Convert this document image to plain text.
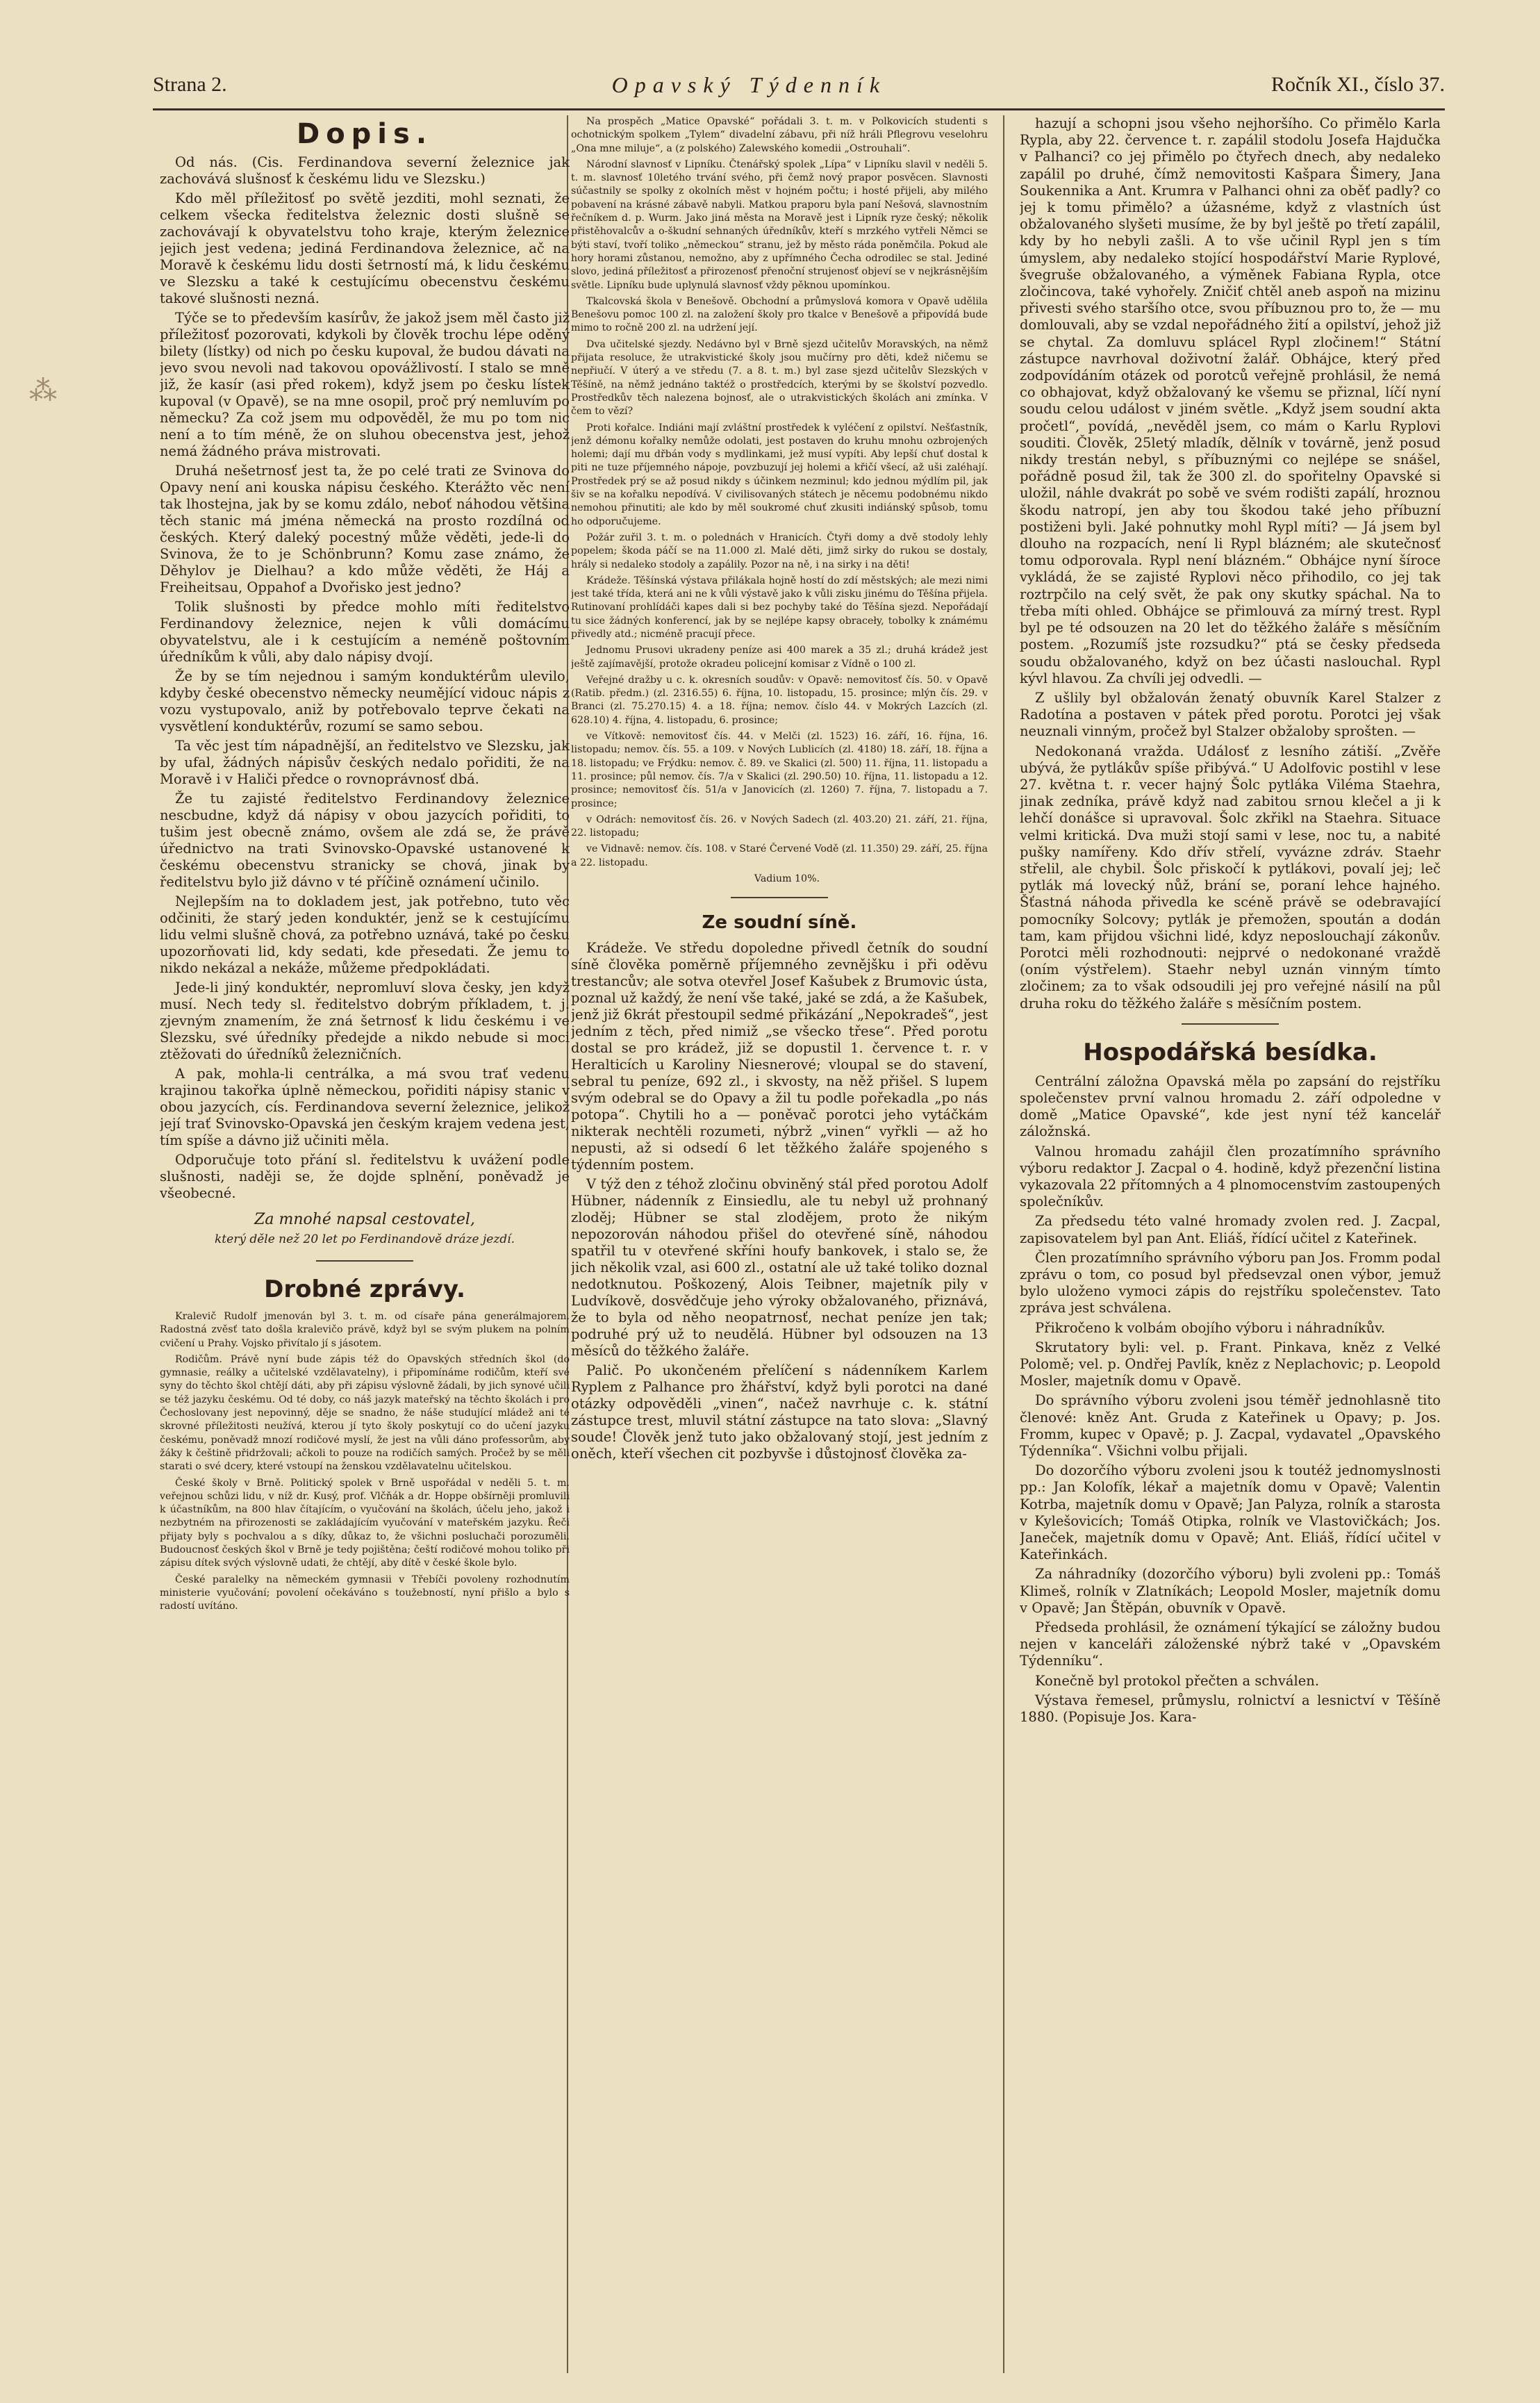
⁂
Strana 2.	Opavský Týdenník	Ročník XI., číslo 37.
Dopis.

Od nás. (Cis. Ferdinandova severní železnice jak zachovává slušnosť k českému lidu ve Slezsku.)

Kdo měl příležitosť po světě jezditi, mohl seznati, že celkem všecka ředitelstva železnic dosti slušně se zachovávají k obyvatelstvu toho kraje, kterým železnice jejich jest vedena; jediná Ferdinandova železnice, ač na Moravě k českému lidu dosti šetrností má, k lidu českému ve Slezsku a také k cestujícímu obecenstvu českému takové slušnosti nezná.

Týče se to především kasírův, že jakož jsem měl často již příležitosť pozorovati, kdykoli by člověk trochu lépe oděný bilety (lístky) od nich po česku kupoval, že budou dávati na jevo svou nevoli nad takovou opovážlivostí. I stalo se mně již, že kasír (asi před rokem), když jsem po česku lístek kupoval (v Opavě), se na mne osopil, proč prý nemluvím po německu? Za což jsem mu odpověděl, že mu po tom nic není a to tím méně, že on sluhou obecenstva jest, jehož nemá žádného práva mistrovati.

Druhá nešetrnosť jest ta, že po celé trati ze Svinova do Opavy není ani kouska nápisu českého. Kterážto věc není tak lhostejna, jak by se komu zdálo, neboť náhodou většina těch stanic má jména německá na prosto rozdílná od českých. Který daleký pocestný může věděti, jede-li do Svinova, že to je Schönbrunn? Komu zase známo, že Děhylov je Dielhau? a kdo může věděti, že Háj a Freiheitsau, Oppahof a Dvořisko jest jedno?

Tolik slušnosti by předce mohlo míti ředitelstvo Ferdinandovy železnice, nejen k vůli domácímu obyvatelstvu, ale i k cestujícím a neméně poštovním úředníkům k vůli, aby dalo nápisy dvojí.

Že by se tím nejednou i samým konduktérům ulevilo, kdyby české obecenstvo německy neumějící vidouc nápis z vozu vystupovalo, aniž by potřebovalo teprve čekati na vysvětlení konduktérův, rozumí se samo sebou.

Ta věc jest tím nápadnější, an ředitelstvo ve Slezsku, jak by ufal, žádných nápisův českých nedalo pořiditi, že na Moravě i v Haliči předce o rovnoprávnosť dbá.

Že tu zajisté ředitelstvo Ferdinandovy železnice nescbudne, když dá nápisy v obou jazycích pořiditi, to tušim jest obecně známo, ovšem ale zdá se, že právě úřednictvo na trati Svinovsko-Opavské ustanovené k českému obecenstvu stranicky se chová, jinak by ředitelstvu bylo již dávno v té příčině oznámení učinilo.

Nejlepším na to dokladem jest, jak potřebno, tuto věc odčiniti, že starý jeden konduktér, jenž se k cestujícímu lidu velmi slušně chová, za potřebno uznává, také po česku upozorňovati lid, kdy sedati, kde přesedati. Že jemu to nikdo nekázal a nekáže, můžeme předpokládati.

Jede-li jiný konduktér, nepromluví slova česky, jen když musí. Nech tedy sl. ředitelstvo dobrým příkladem, t. j. zjevným znamením, že zná šetrnosť k lidu českému i ve Slezsku, své úředníky předejde a nikdo nebude si moci ztěžovati do úředníků železničních.

A pak, mohla-li centrálka, a má svou trať vedenu krajinou takořka úplně německou, pořiditi nápisy stanic v obou jazycích, cís. Ferdinandova severní železnice, jelikož její trať Svinovsko-Opavská jen českým krajem vedena jest, tím spíše a dávno již učiniti měla.

Odporučuje toto přání sl. ředitelstvu k uvážení podle slušnosti, naději se, že dojde splnění, poněvadž je všeobecné.

Za mnohé napsal cestovatel,
který děle než 20 let po Ferdinandově dráze jezdí.
Drobné zprávy.

Kralevič Rudolf jmenován byl 3. t. m. od císaře pána generálmajorem. Radostná zvěsť tato došla kralevičo právě, když byl se svým plukem na polním cvičení u Prahy. Vojsko přivítalo jí s jásotem.

Rodičům. Právě nyní bude zápis též do Opavských středních škol (do gymnasie, reálky a učitelské vzdělavatelny), i připomínáme rodičům, kteří své syny do těchto škol chtějí dáti, aby při zápisu výslovně žádali, by jich synové učili se též jazyku českému. Od té doby, co náš jazyk mateřský na těchto školách i pro Čechoslovany jest nepovinný, děje se snadno, že náše studující mládež ani té skrovné příležitosti neužívá, kterou jí tyto školy poskytují co do učení jazyku českému, poněvadž mnozí rodičové myslí, že jest na vůli dáno professorům, aby žáky k češtině přidržovali; ačkoli to pouze na rodičích samých. Pročež by se měli starati o své dcery, které vstoupí na ženskou vzdělavatelnu učitelskou.

České školy v Brně. Politický spolek v Brně uspořádal v neděli 5. t. m. veřejnou schůzi lidu, v níž dr. Kusý, prof. Vlčňák a dr. Hoppe obšírněji promluvili k účastníkům, na 800 hlav čítajícím, o vyučování na školách, účelu jeho, jakož i nezbytném na přirozenosti se zakládajícím vyučování v mateřském jazyku. Řeči přijaty byly s pochvalou a s díky, důkaz to, že všichni posluchači porozuměli. Budoucnosť českých škol v Brně je tedy pojištěna; čeští rodičové mohou toliko při zápisu dítek svých výslovně udati, že chtějí, aby dítě v české škole bylo.

České paralelky na německém gymnasii v Třebíči povoleny rozhodnutím ministerie vyučování; povolení očekáváno s toužebností, nyní přišlo a bylo s radostí uvítáno.

Na prospěch „Matice Opavské“ pořádali 3. t. m. v Polkovicích studenti s ochotnickým spolkem „Tylem“ divadelní zábavu, při níž hráli Pflegrovu veselohru „Ona mne miluje“, a (z polského) Zalewského komedii „Ostrouhali“.

Národní slavnosť v Lipníku. Čtenářský spolek „Lípa“ v Lipníku slavil v neděli 5. t. m. slavnosť 10letého trvání svého, při čemž nový prapor posvěcen. Slavnosti súčastnily se spolky z okolních měst v hojném počtu; i hosté přijeli, aby milého pobavení na krásné zábavě nabyli. Matkou praporu byla paní Nešová, slavnostním řečníkem d. p. Wurm. Jako jiná města na Moravě jest i Lipník ryze český; několik přistěhovalcův a o-škudní sehnaných úředníkův, kteří s mrzkého vytřeli Němci se býti staví, tvoří toliko „německou“ stranu, jež by město ráda poněmčila. Pokud ale hory horami zůstanou, nemožno, aby z upřímného Čecha odrodilec se stal. Jediné slovo, jediná příležitosť a přirozenosť přenoční strujenosť objeví se v nejkrásnějším světle. Lipníku bude uplynulá slavnosť vždy pěknou upomínkou.

Tkalcovská škola v Benešově. Obchodní a průmyslová komora v Opavě udělila Benešovu pomoc 100 zl. na založení školy pro tkalce v Benešově a připovídá bude mimo to ročně 200 zl. na udržení její.

Dva učitelské sjezdy. Nedávno byl v Brně sjezd učitelův Moravských, na němž přijata resoluce, že utrakvistické školy jsou mučírny pro děti, kdež ničemu se nepřiučí. V úterý a ve středu (7. a 8. t. m.) byl zase sjezd učitelův Slezských v Těšíně, na němž jednáno taktéž o prostředcích, kterými by se školství pozvedlo. Prostředkův těch nalezena bojnosť, ale o utrakvistických školách ani zmínka. V čem to vězí?

Proti kořalce. Indiáni mají zvláštní prostředek k vyléčení z opilství. Nešťastník, jenž démonu kořalky nemůže odolati, jest postaven do kruhu mnohu ozbrojených holemi; dají mu dřbán vody s mydlinkami, jež musí vypíti. Aby lepší chuť dostal k piti ne tuze příjemného nápoje, povzbuzují jej holemi a křičí všecí, až uši zaléhají. Prostředek prý se až posud nikdy s účinkem nezminul; kdo jednou mýdlím pil, jak šiv se na kořalku nepodívá. V civilisovaných státech je něcemu podobnému nikdo nemohou přinutiti; ale kdo by měl soukromé chuť zkusiti indiánský spůsob, tomu ho odporučujeme.

Požár zuřil 3. t. m. o polednách v Hranicích. Čtyři domy a dvě stodoly lehly popelem; škoda páčí se na 11.000 zl. Malé děti, jimž sirky do rukou se dostaly, hrály si nedaleko stodoly a zapálily. Pozor na ně, i na sirky i na děti!

Krádeže. Těšínská výstava přilákala hojně hostí do zdí městských; ale mezi nimi jest také třída, která ani ne k vůli výstavě jako k vůli zisku jinému do Těšína přijela. Rutinovaní prohlídáči kapes dali si bez pochyby také do Těšína sjezd. Nepořádají tu sice žádných konferencí, jak by se nejlépe kapsy obraceły, tobolky k známému přivedly atd.; nicméně pracují přece.

Jednomu Prusovi ukradeny peníze asi 400 marek a 35 zl.; druhá krádež jest ještě zajímavější, protože okradeu policejní komisar z Vídně o 100 zl.

Veřejné dražby u c. k. okresních soudův: v Opavě: nemovitosť čís. 50. v Opavě (Ratib. předm.) (zl. 2316.55) 6. října, 10. listopadu, 15. prosince; mlýn čís. 29. v Branci (zl. 75.270.15) 4. a 18. října; nemov. číslo 44. v Mokrých Lazcích (zl. 628.10) 4. října, 4. listopadu, 6. prosince;

ve Vítkově: nemovitosť čís. 44. v Melči (zl. 1523) 16. září, 16. října, 16. listopadu; nemov. čís. 55. a 109. v Nových Lublicích (zl. 4180) 18. září, 18. října a 18. listopadu; ve Frýdku: nemov. č. 89. ve Skalici (zl. 500) 11. října, 11. listopadu a 11. prosince; půl nemov. čís. 7/a v Skalici (zl. 290.50) 10. října, 11. listopadu a 12. prosince; nemovitosť čís. 51/a v Janovicích (zl. 1260) 7. října, 7. listopadu a 7. prosince;

v Odrách: nemovitosť čís. 26. v Nových Sadech (zl. 403.20) 21. září, 21. října, 22. listopadu;

ve Vidnavě: nemov. čís. 108. v Staré Červené Vodě (zl. 11.350) 29. září, 25. října a 22. listopadu.

Vadium 10%.

Ze soudní síně.

Krádeže. Ve středu dopoledne přivedl četník do soudní síně člověka poměrně příjemného zevnějšku i při oděvu trestancův; ale sotva otevřel Josef Kašubek z Brumovic ústa, poznal už každý, že není vše také, jaké se zdá, a že Kašubek, jenž již 6krát přestoupil sedmé přikázání „Nepokradeš“, jest jedním z těch, před nimiž „se všecko třese“. Před porotu dostal se pro krádež, již se dopustil 1. července t. r. v Heralticích u Karoliny Niesnerové; vloupal se do stavení, sebral tu peníze, 692 zl., i skvosty, na něž přišel. S lupem svým odebral se do Opavy a žil tu podle pořekadla „po nás potopa“. Chytili ho a — poněvač porotci jeho vytáčkám nikterak nechtěli rozumeti, nýbrž „vinen“ vyřkli — až ho nepusti, až si odsedí 6 let těžkého žaláře spojeného s týdenním postem.

V týž den z téhož zločinu obviněný stál před porotou Adolf Hübner, nádenník z Einsiedlu, ale tu nebyl už prohnaný zloděj; Hübner se stal zlodějem, proto že nikým nepozorován náhodou přišel do otevřené síně, náhodou spatřil tu v otevřené skříni houfy bankovek, i stalo se, že jich několik vzal, asi 600 zl., ostatní ale už také toliko doznal nedotknutou. Poškozený, Alois Teibner, majetník pily v Ludvíkově, dosvědčuje jeho výroky obžalovaného, přiznává, že to byla od něho neopatrnosť, nechat peníze jen tak; podruhé prý už to neudělá. Hübner byl odsouzen na 13 měsíců do těžkého žaláře.

Palič. Po ukončeném přelíčení s nádenníkem Karlem Ryplem z Palhance pro žhářství, když byli porotci na dané otázky odpověděli „vinen“, načež navrhuje c. k. státní zástupce trest, mluvil státní zástupce na tato slova: „Slavný soude! Člověk jenž tuto jako obžalovaný stojí, jest jedním z oněch, kteří všechen cit pozbyvše i důstojnosť člověka za-

hazují a schopni jsou všeho nejhoršího. Co přimělo Karla Rypla, aby 22. července t. r. zapálil stodolu Josefa Hajdučka v Palhanci? co jej přimělo po čtyřech dnech, aby nedaleko zapálil po druhé, čímž nemovitosti Kašpara Šimery, Jana Soukennika a Ant. Krumra v Palhanci ohni za oběť padly? co jej k tomu přimělo? a úžasnéme, když z vlastních úst obžalovaného slyšeti musíme, že by byl ještě po třetí zapálil, kdy by ho nebyli zašli. A to vše učinil Rypl jen s tím úmyslem, aby nedaleko stojící hospodářství Marie Ryplové, švegruše obžalovaného, a výměnek Fabiana Rypla, otce zločincova, také vyhořely. Zničiť chtěl aneb aspoň na mizinu přivesti svého staršího otce, svou příbuznou pro to, že — mu domlouvali, aby se vzdal nepořádného žití a opilství, jehož již se chytal. Za domluvu splácel Rypl zločinem!“ Státní zástupce navrhoval doživotní žalář. Obhájce, který před zodpovídáním otázek od porotců veřejně prohlásil, že nemá co obhajovat, když obžalovaný ke všemu se přiznal, líčí nyní soudu celou událost v jiném světle. „Když jsem soudní akta pročetl“, povídá, „nevěděl jsem, co mám o Karlu Ryplovi souditi. Člověk, 25letý mladík, dělník v továrně, jenž posud nikdy trestán nebyl, s příbuznými co nejlépe se snášel, pořádně posud žil, tak že 300 zl. do spořitelny Opavské si uložil, náhle dvakrát po sobě ve svém rodišti zapálí, hroznou škodu natropí, jen aby tou škodou také jeho příbuzní postiženi byli. Jaké pohnutky mohl Rypl míti? — Já jsem byl dlouho na rozpacích, není li Rypl blázném; ale skutečnosť tomu odporovala. Rypl není blázném.“ Obhájce nyní šíroce vykládá, že se zajisté Ryplovi něco přihodilo, co jej tak roztrpčilo na celý svět, že pak ony skutky spáchal. Na to třeba míti ohled. Obhájce se přimlouvá za mírný trest. Rypl byl pe té odsouzen na 20 let do těžkého žaláře s měsíčním postem. „Rozumíš jste rozsudku?“ ptá se česky předseda soudu obžalovaného, když on bez účasti naslouchal. Rypl kývl hlavou. Za chvíli jej odvedli. —

Z ušlily byl obžalován ženatý obuvník Karel Stalzer z Radotína a postaven v pátek před porotu. Porotci jej však neuznali vinným, pročež byl Stalzer obžaloby sprošten. —

Nedokonaná vražda. Událosť z lesního zátiší. „Zvěře ubývá, že pytlákův spíše přibývá.“ U Adolfovic postihl v lese 27. května t. r. vecer hajný Šolc pytláka Viléma Staehra, jinak zedníka, právě když nad zabitou srnou klečel a ji k lehčí donášce si upravoval. Šolc zkřikl na Staehra. Situace velmi kritická. Dva muži stojí sami v lese, noc tu, a nabité pušky namířeny. Kdo dřív střelí, vyvázne zdráv. Staehr střelil, ale chybil. Šolc přiskočí k pytlákovi, povalí jej; leč pytlák má lovecký nůž, brání se, poraní lehce hajného. Šťastná náhoda přivedla ke scéně právě se odebravající pomocníky Solcovy; pytlák je přemožen, spoután a dodán tam, kam přijdou všichni lidé, kdyz neposlouchají zákonův. Porotci měli rozhodnouti: nejprvé o nedokonané vraždě (oním výstřelem). Staehr nebyl uznán vinným tímto zločinem; za to však odsoudili jej pro veřejné násilí na půl druha roku do těžkého žaláře s měsíčním postem.

Hospodářská besídka.

Centrální záložna Opavská měla po zapsání do rejstříku společenstev první valnou hromadu 2. září odpoledne v domě „Matice Opavské“, kde jest nyní též kancelář záložnská.

Valnou hromadu zahájil člen prozatímního správního výboru redaktor J. Zacpal o 4. hodině, když přezenční listina vykazovala 22 přítomných a 4 plnomocenstvím zastoupených společníkův.

Za předsedu této valné hromady zvolen red. J. Zacpal, zapisovatelem byl pan Ant. Eliáš, řídící učitel z Kateřinek.

Člen prozatímního správního výboru pan Jos. Fromm podal zprávu o tom, co posud byl předsevzal onen výbor, jemuž bylo uloženo vymoci zápis do rejstříku společenstev. Tato zpráva jest schválena.

Přikročeno k volbám obojího výboru i náhradníkův.

Skrutatory byli: vel. p. Frant. Pinkava, kněz z Velké Polomě; vel. p. Ondřej Pavlík, kněz z Neplachovic; p. Leopold Mosler, majetník domu v Opavě.

Do správního výboru zvoleni jsou téměř jednohlasně tito členové: kněz Ant. Gruda z Kateřinek u Opavy; p. Jos. Fromm, kupec v Opavě; p. J. Zacpal, vydavatel „Opavského Týdenníka“. Všichni volbu přijali.

Do dozorčího výboru zvoleni jsou k toutéž jednomyslnosti pp.: Jan Kolofík, lékař a majetník domu v Opavě; Valentin Kotrba, majetník domu v Opavě; Jan Palyza, rolník a starosta v Kylešovicích; Tomáš Otipka, rolník ve Vlastovičkách; Jos. Janeček, majetník domu v Opavě; Ant. Eliáš, řídící učitel v Kateřinkách.

Za náhradníky (dozorčího výboru) byli zvoleni pp.: Tomáš Klimeš, rolník v Zlatníkách; Leopold Mosler, majetník domu v Opavě; Jan Štěpán, obuvník v Opavě.

Předseda prohlásil, že oznámení týkající se záložny budou nejen v kanceláři záloženské nýbrž také v „Opavském Týdenníku“.

Konečně byl protokol přečten a schválen.

Výstava řemesel, průmyslu, rolnictví a lesnictví v Těšíně 1880. (Popisuje Jos. Kara-
